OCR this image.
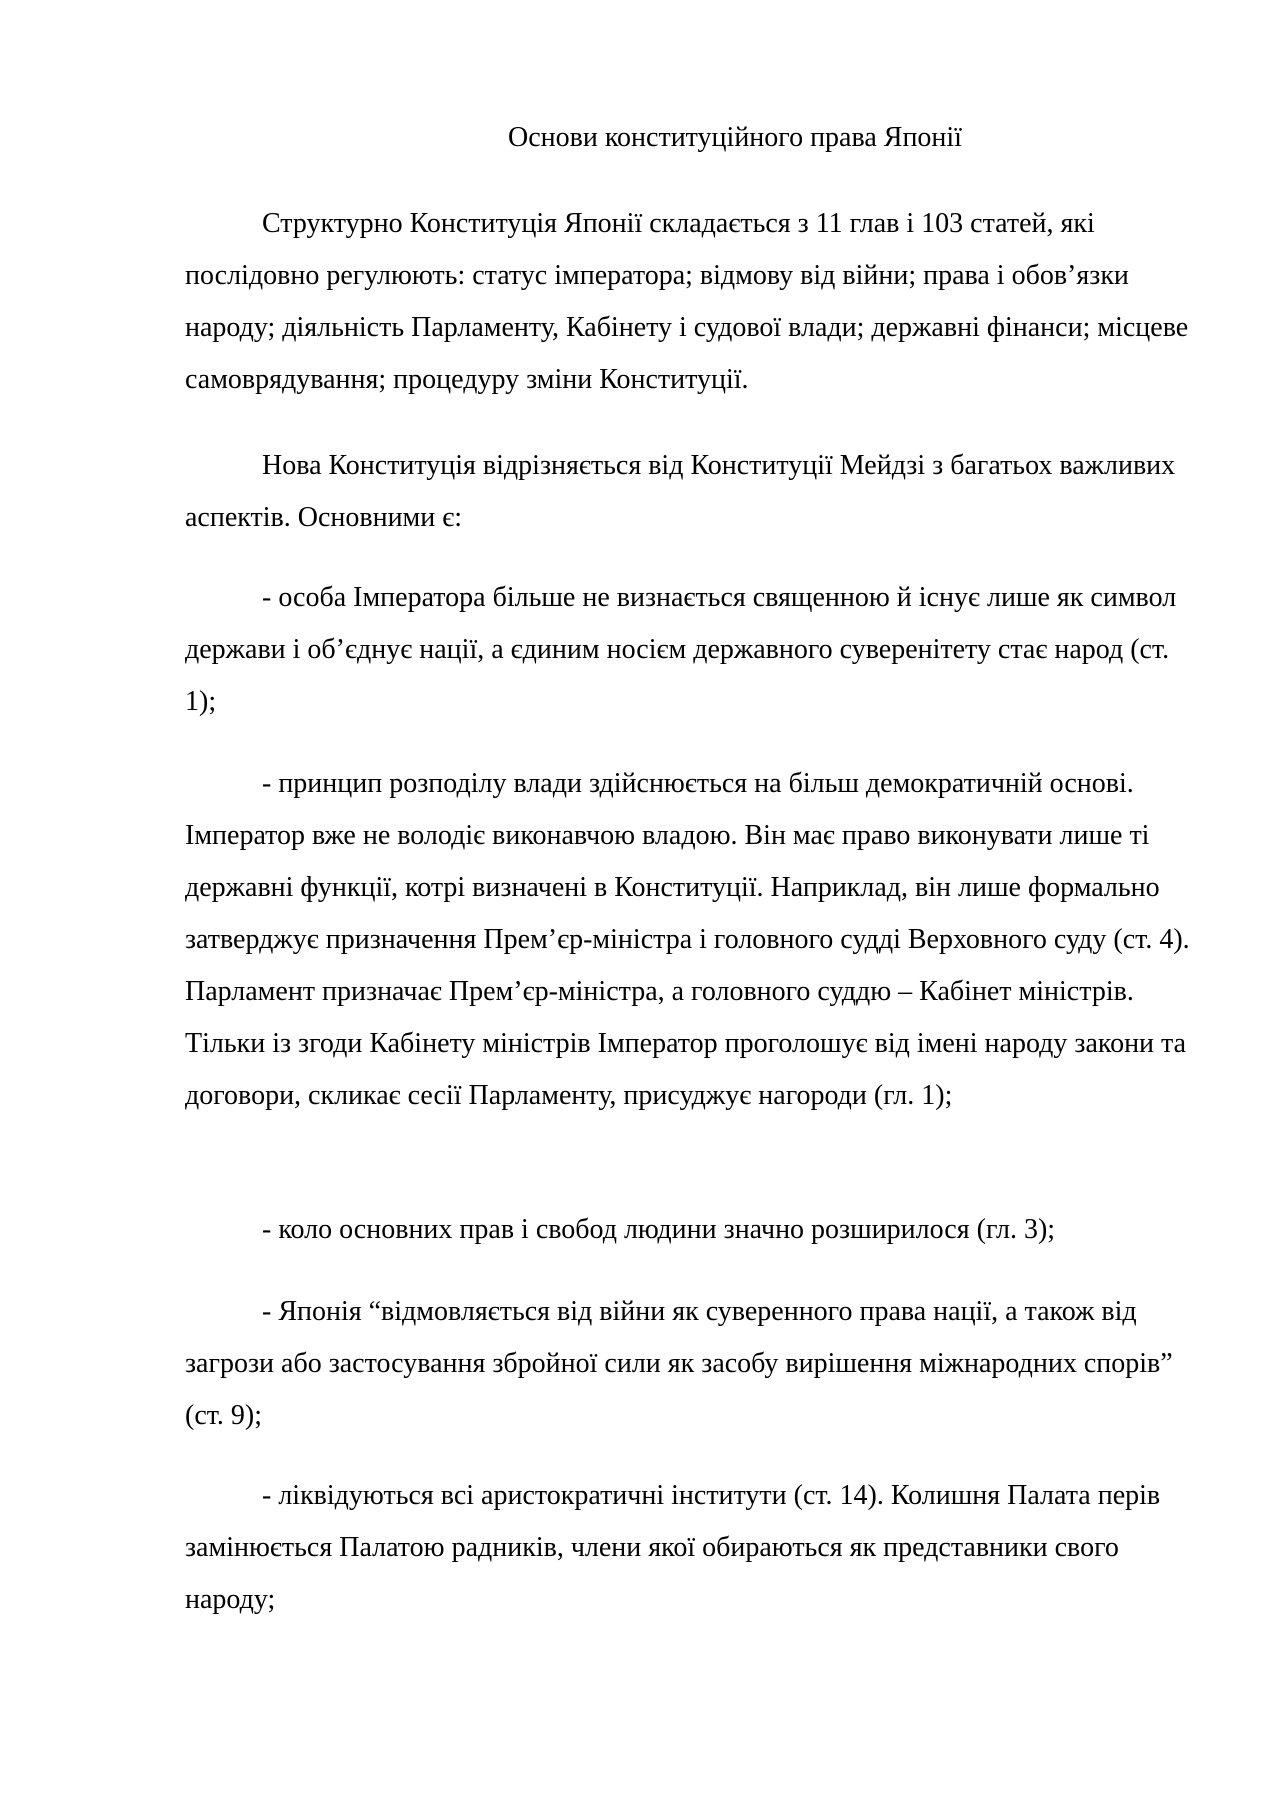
Основи конституційного права Японії

Структурно Конституція Японії складається з 11 глав і 103 статей, які послідовно регулюють: статус імператора; відмову від війни; права і обов’язки народу; діяльність Парламенту, Кабінету і судової влади; державні фінанси; місцеве самоврядування; процедуру зміни Конституції.

Нова Конституція відрізняється від Конституції Мейдзі з багатьох важливих аспектів. Основними є:

- особа Імператора більше не визнається священною й існує лише як символ держави і об’єднує нації, а єдиним носієм державного суверенітету стає народ (ст. 1);

- принцип розподілу влади здійснюється на більш демократичній основі. Імператор вже не володіє виконавчою владою. Він має право виконувати лише ті державні функції, котрі визначені в Конституції. Наприклад, він лише формально затверджує призначення Прем’єр-міністра і головного судді Верховного суду (ст. 4). Парламент призначає Прем’єр-міністра, а головного суддю – Кабінет міністрів. Тільки із згоди Кабінету міністрів Імператор проголошує від імені народу закони та договори, скликає сесії Парламенту, присуджує нагороди (гл. 1);

- коло основних прав і свобод людини значно розширилося (гл. 3);

- Японія “відмовляється від війни як суверенного права нації, а також від загрози або застосування збройної сили як засобу вирішення міжнародних спорів” (ст. 9);

- ліквідуються всі аристократичні інститути (ст. 14). Колишня Палата перів замінюється Палатою радників, члени якої обираються як представники свого народу;
